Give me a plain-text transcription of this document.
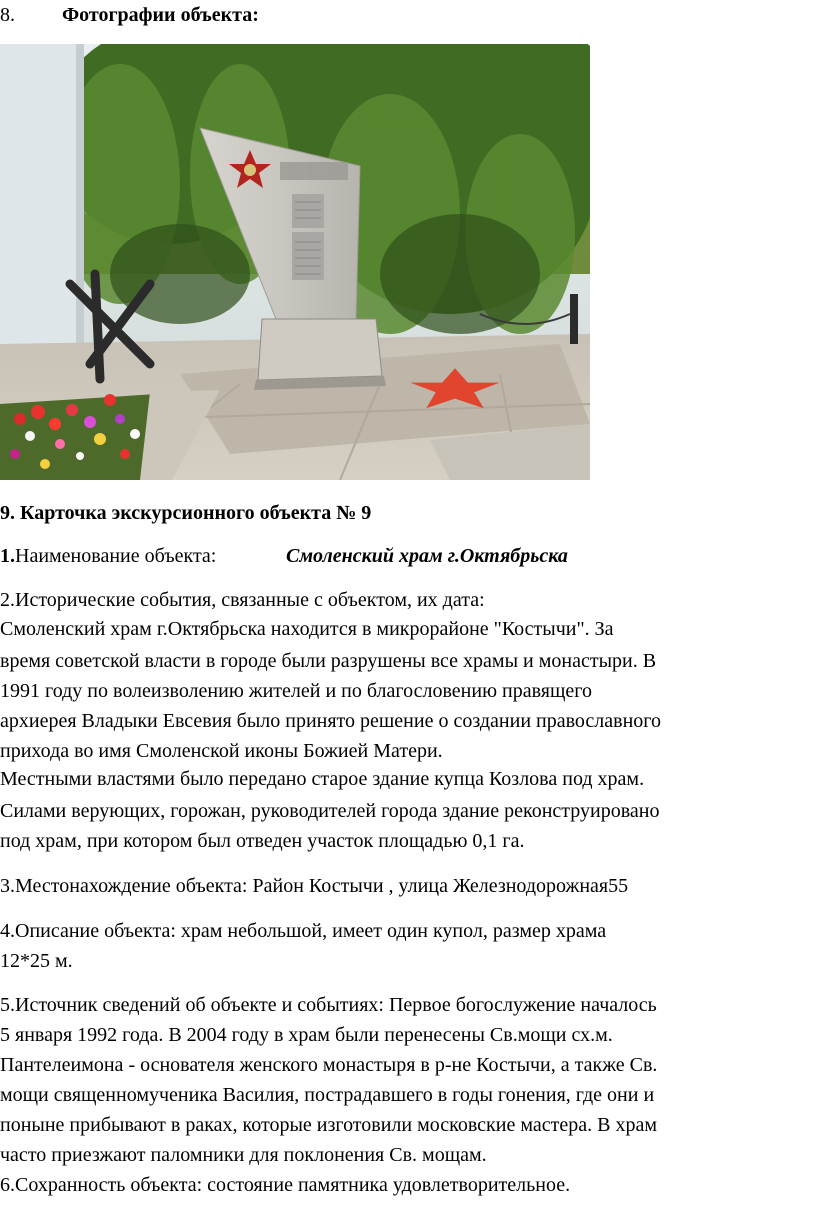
8. Фотографии объекта:
9. Карточка экскурсионного объекта № 9
1.Наименование объекта:	Смоленский храм г.Октябрьска
2.Исторические события, связанные с объектом, их дата:
Смоленский храм г.Октябрьска находится в микрорайоне "Костычи". За
время советской власти в городе были разрушены все храмы и монастыри. В
1991 году по волеизволению жителей и по благословению правящего
архиерея Владыки Евсевия было принято решение о создании православного
прихода во имя Смоленской иконы Божией Матери.
Местными властями было передано старое здание купца Козлова под храм.
Силами верующих, горожан, руководителей города здание реконструировано
под храм, при котором был отведен участок площадью 0,1 га.
3.Местонахождение объекта: Район Костычи , улица Железнодорожная55
4.Описание объекта: храм небольшой, имеет один купол, размер храма
12*25 м.
5.Источник сведений об объекте и событиях: Первое богослужение началось
5 января 1992 года. В 2004 году в храм были перенесены Св.мощи сх.м.
Пантелеимона - основателя женского монастыря в р-не Костычи, а также Св.
мощи священномученика Василия, пострадавшего в годы гонения, где они и
поныне прибывают в раках, которые изготовили московские мастера. В храм
часто приезжают паломники для поклонения Св. мощам.
6.Сохранность объекта: состояние памятника удовлетворительное.
